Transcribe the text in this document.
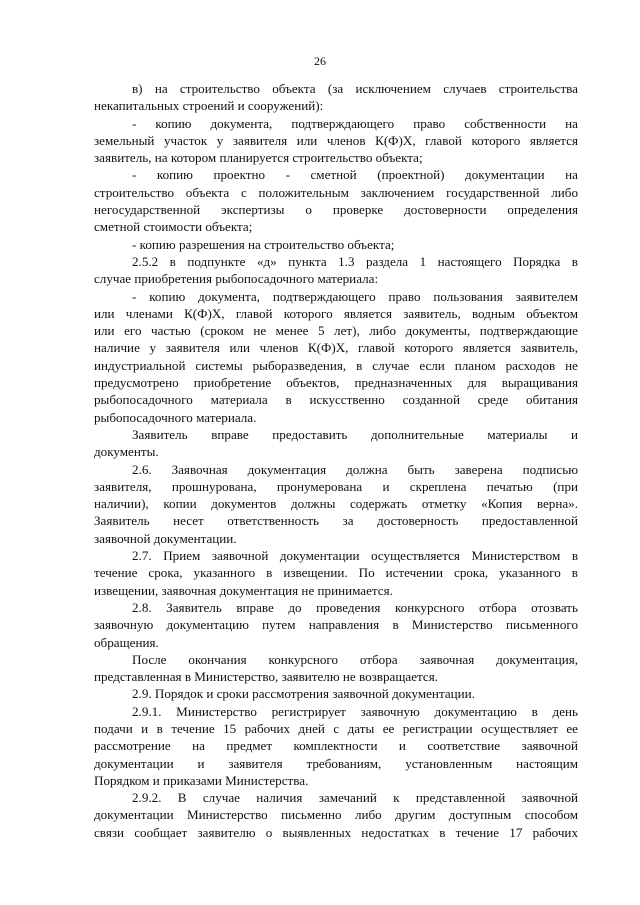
26
в) на строительство объекта (за исключением случаев строительства
некапитальных строений и сооружений):
- копию документа, подтверждающего право собственности на
земельный участок у заявителя или членов К(Ф)Х, главой которого является
заявитель, на котором планируется строительство объекта;
- копию проектно - сметной (проектной) документации на
строительство объекта с положительным заключением государственной либо
негосударственной экспертизы о проверке достоверности определения
сметной стоимости объекта;
- копию разрешения на строительство объекта;
2.5.2 в подпункте «д» пункта 1.3 раздела 1 настоящего Порядка в
случае приобретения рыбопосадочного материала:
- копию документа, подтверждающего право пользования заявителем
или членами К(Ф)Х, главой которого является заявитель, водным объектом
или его частью (сроком не менее 5 лет), либо документы, подтверждающие
наличие у заявителя или членов К(Ф)Х, главой которого является заявитель,
индустриальной системы рыборазведения, в случае если планом расходов не
предусмотрено приобретение объектов, предназначенных для выращивания
рыбопосадочного материала в искусственно созданной среде обитания
рыбопосадочного материала.
Заявитель вправе предоставить дополнительные материалы и
документы.
2.6. Заявочная документация должна быть заверена подписью
заявителя, прошнурована, пронумерована и скреплена печатью (при
наличии), копии документов должны содержать отметку «Копия верна».
Заявитель несет ответственность за достоверность предоставленной
заявочной документации.
2.7. Прием заявочной документации осуществляется Министерством в
течение срока, указанного в извещении. По истечении срока, указанного в
извещении, заявочная документация не принимается.
2.8. Заявитель вправе до проведения конкурсного отбора отозвать
заявочную документацию путем направления в Министерство письменного
обращения.
После окончания конкурсного отбора заявочная документация,
представленная в Министерство, заявителю не возвращается.
2.9. Порядок и сроки рассмотрения заявочной документации.
2.9.1. Министерство регистрирует заявочную документацию в день
подачи и в течение 15 рабочих дней с даты ее регистрации осуществляет ее
рассмотрение на предмет комплектности и соответствие заявочной
документации и заявителя требованиям, установленным настоящим
Порядком и приказами Министерства.
2.9.2. В случае наличия замечаний к представленной заявочной
документации Министерство письменно либо другим доступным способом
связи сообщает заявителю о выявленных недостатках в течение 17 рабочих
